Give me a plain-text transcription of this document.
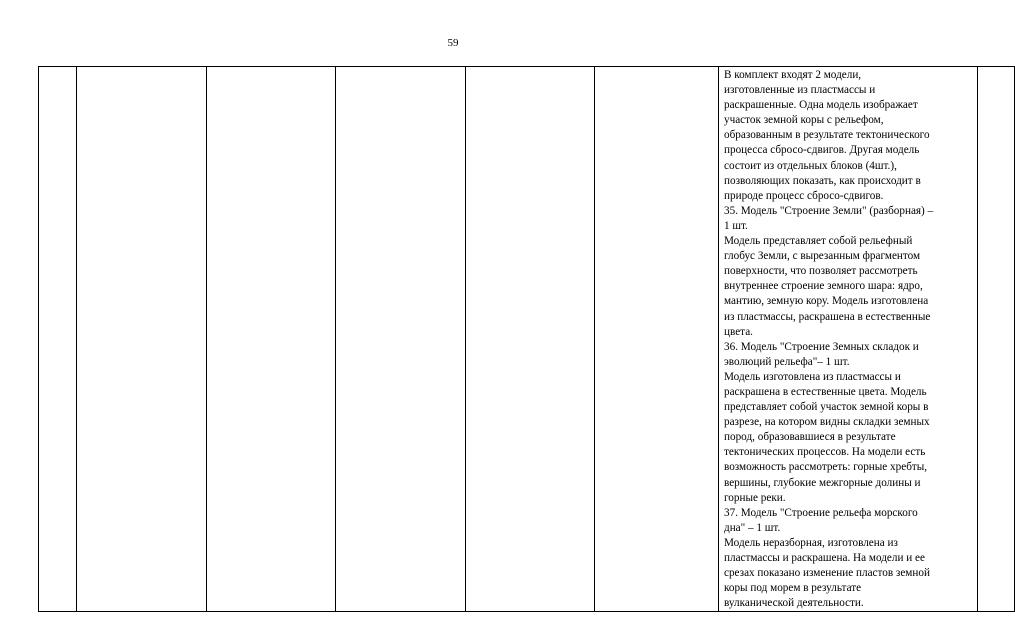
59

В комплект входят 2 модели,
изготовленные из пластмассы и
раскрашенные. Одна модель изображает
участок земной коры с рельефом,
образованным в результате тектонического
процесса сбросо-сдвигов. Другая модель
состоит из отдельных блоков (4шт.),
позволяющих показать, как происходит в
природе процесс сбросо-сдвигов.
35. Модель "Строение Земли" (разборная) –
1 шт.
Модель представляет собой рельефный
глобус Земли, с вырезанным фрагментом
поверхности, что позволяет рассмотреть
внутреннее строение земного шара: ядро,
мантию, земную кору. Модель изготовлена
из пластмассы, раскрашена в естественные
цвета.
36. Модель "Строение Земных складок и
эволюций рельефа"– 1 шт.
Модель изготовлена из пластмассы и
раскрашена в естественные цвета. Модель
представляет собой участок земной коры в
разрезе, на котором видны складки земных
пород, образовавшиеся в результате
тектонических процессов. На модели есть
возможность рассмотреть: горные хребты,
вершины, глубокие межгорные долины и
горные реки.
37. Модель "Строение рельефа морского
дна" – 1 шт.
Модель неразборная, изготовлена из
пластмассы и раскрашена. На модели и ее
срезах показано изменение пластов земной
коры под морем в результате
вулканической деятельности.
